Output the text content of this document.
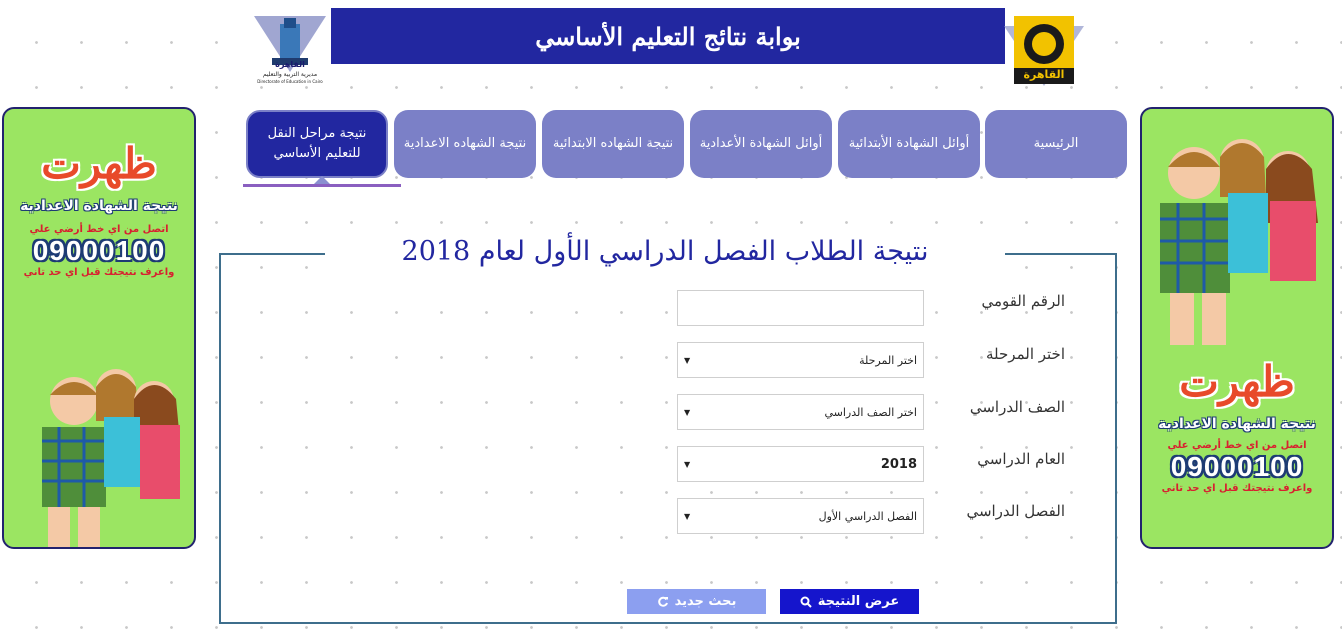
القاهرة
مديرية التربية والتعليم
Directorate of Education in Cairo
بوابة نتائج التعليم الأساسي
القاهرة
ظهرت
نتيجة الشهادة الاعدادية
اتصل من اي خط أرضي علي
09000100
واعرف نتيجتك قبل اي حد تاني
ظهرت
نتيجة الشهادة الاعدادية
اتصل من اي خط أرضي علي
09000100
واعرف نتيجتك قبل اي حد تاني
الرئيسية
أوائل الشهادة الأبتدائية
أوائل الشهادة الأعدادية
نتيجة الشهاده الابتدائية
نتيجة الشهاده الاعدادية
نتيجة مراحل النقل للتعليم الأساسي
نتيجة الطلاب الفصل الدراسي الأول لعام 2018
الرقم القومي
اختر المرحلة
اختر المرحلة
▼
الصف الدراسي
اختر الصف الدراسي
▼
العام الدراسي
2018
▼
الفصل الدراسي
الفصل الدراسي الأول
▼
عرض النتيجة
بحث جديد
